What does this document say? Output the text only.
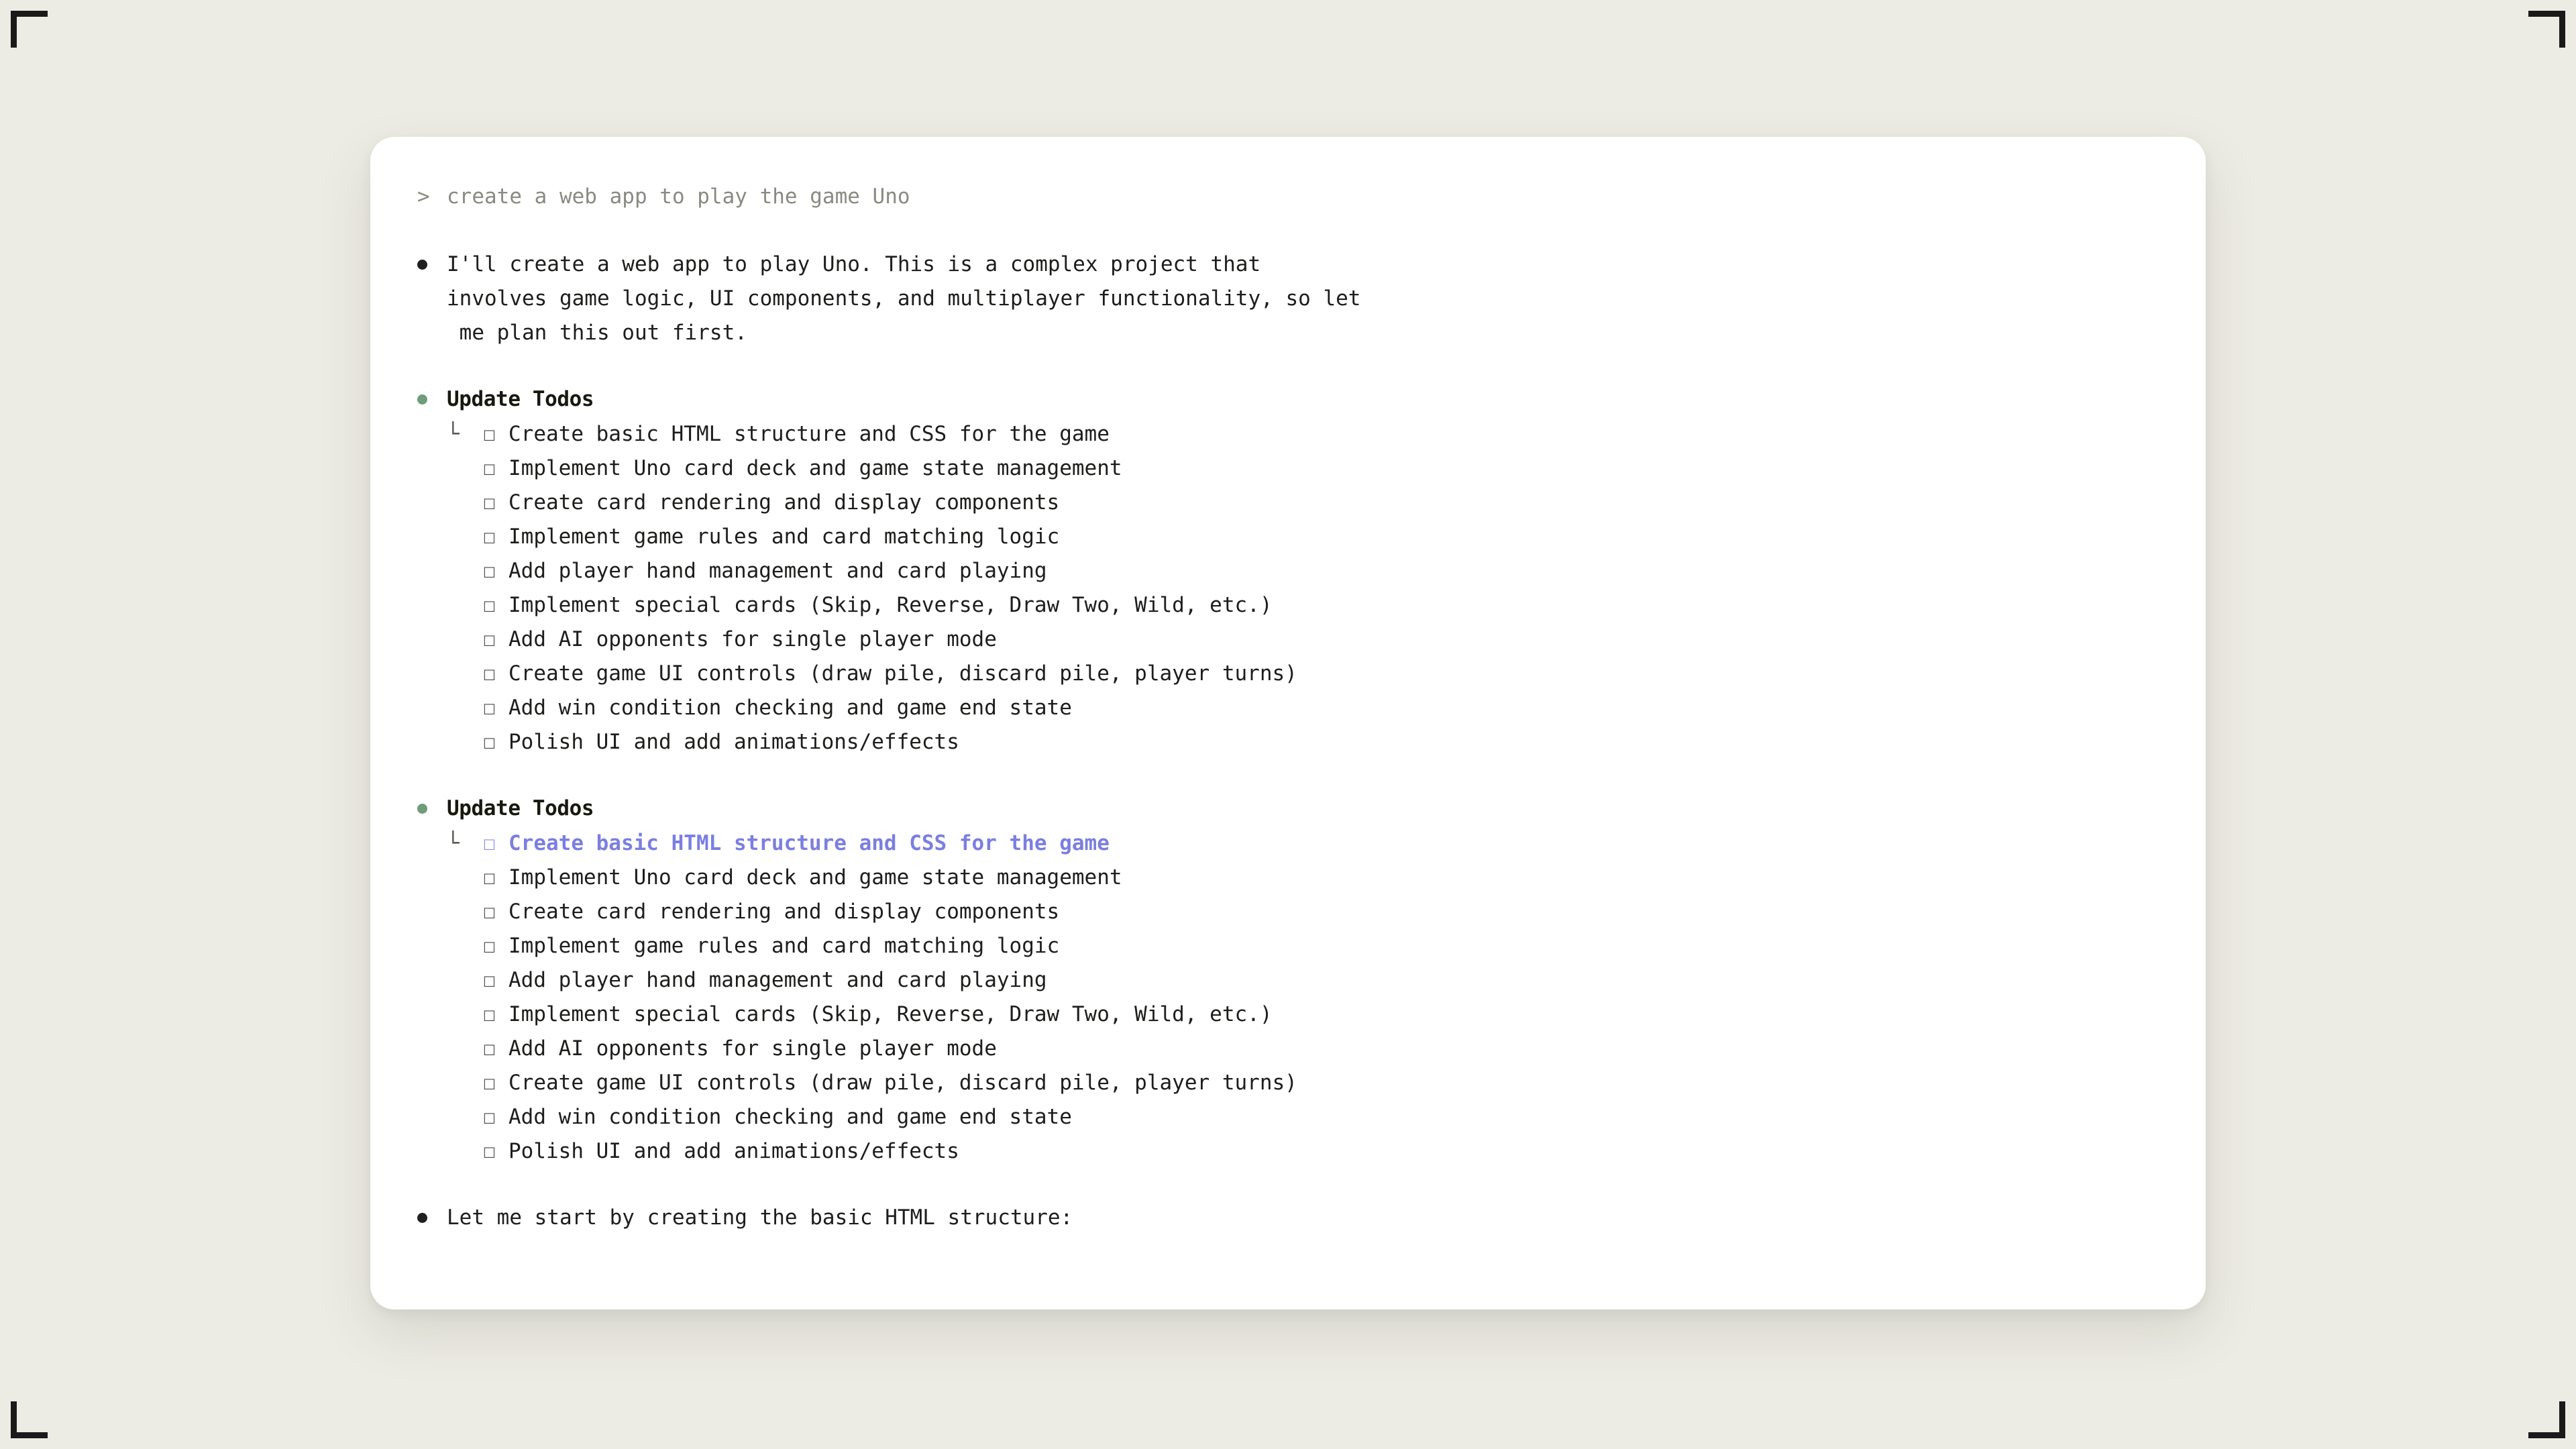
> create a web app to play the game Uno
I'll create a web app to play Uno. This is a complex project that
involves game logic, UI components, and multiplayer functionality, so let
me plan this out first.
Update Todos
└	☐ Create basic HTML structure and CSS for the game
☐ Implement Uno card deck and game state management
☐ Create card rendering and display components
☐ Implement game rules and card matching logic
☐ Add player hand management and card playing
☐ Implement special cards (Skip, Reverse, Draw Two, Wild, etc.)
☐ Add AI opponents for single player mode
☐ Create game UI controls (draw pile, discard pile, player turns)
☐ Add win condition checking and game end state
☐ Polish UI and add animations/effects
Update Todos
└	☐ Create basic HTML structure and CSS for the game
☐ Implement Uno card deck and game state management
☐ Create card rendering and display components
☐ Implement game rules and card matching logic
☐ Add player hand management and card playing
☐ Implement special cards (Skip, Reverse, Draw Two, Wild, etc.)
☐ Add AI opponents for single player mode
☐ Create game UI controls (draw pile, discard pile, player turns)
☐ Add win condition checking and game end state
☐ Polish UI and add animations/effects
Let me start by creating the basic HTML structure:
